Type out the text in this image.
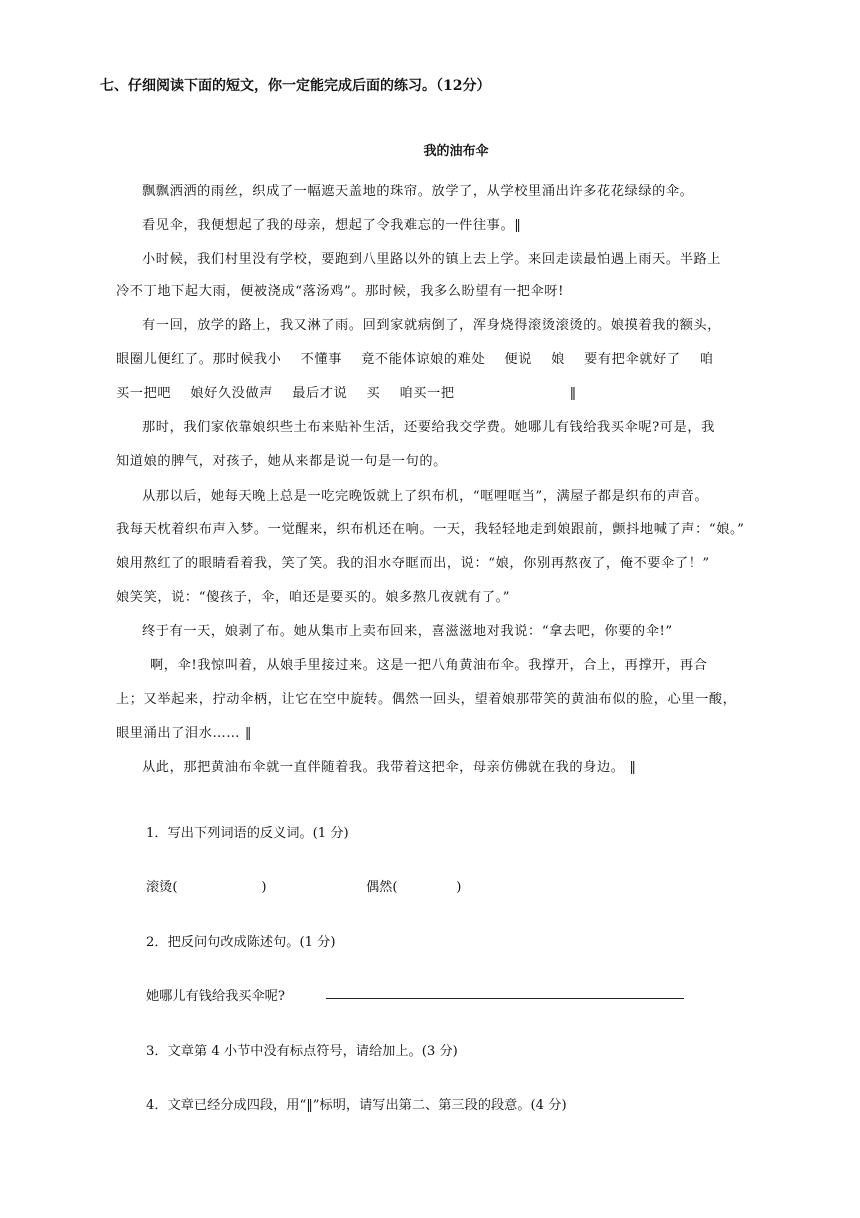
七、仔细阅读下面的短文，你一定能完成后面的练习。（12分）
我的油布伞
飘飘洒洒的雨丝，织成了一幅遮天盖地的珠帘。放学了，从学校里涌出许多花花绿绿的伞。
看见伞，我便想起了我的母亲，想起了令我难忘的一件往事。‖
小时候，我们村里没有学校，要跑到八里路以外的镇上去上学。来回走读最怕遇上雨天。半路上
冷不丁地下起大雨，便被浇成“落汤鸡”。那时候，我多么盼望有一把伞呀!
有一回，放学的路上，我又淋了雨。回到家就病倒了，浑身烧得滚烫滚烫的。娘摸着我的额头，
眼圈儿便红了。那时候我小    不懂事    竟不能体谅娘的难处    便说    娘    要有把伞就好了    咱
买一把吧    娘好久没做声    最后才说    买    咱买一把                        ‖
那时，我们家依靠娘织些土布来贴补生活，还要给我交学费。她哪儿有钱给我买伞呢?可是，我
知道娘的脾气，对孩子，她从来都是说一句是一句的。
从那以后，她每天晚上总是一吃完晚饭就上了织布机，“哐哩哐当”，满屋子都是织布的声音。
我每天枕着织布声入梦。一觉醒来，织布机还在响。一天，我轻轻地走到娘跟前，颤抖地喊了声：“娘。”
娘用熬红了的眼睛看着我，笑了笑。我的泪水夺眶而出，说：“娘，你别再熬夜了，俺不要伞了！”
娘笑笑，说：“傻孩子，伞，咱还是要买的。娘多熬几夜就有了。”
终于有一天，娘剥了布。她从集市上卖布回来，喜滋滋地对我说：“拿去吧，你要的伞!”
啊，伞!我惊叫着，从娘手里接过来。这是一把八角黄油布伞。我撑开，合上，再撑开，再合
上；又举起来，拧动伞柄，让它在空中旋转。偶然一回头，望着娘那带笑的黄油布似的脸，心里一酸，
眼里涌出了泪水…… ‖
从此，那把黄油布伞就一直伴随着我。我带着这把伞，母亲仿佛就在我的身边。 ‖
1．写出下列词语的反义词。(1 分)
滚烫(                    )	偶然(              )
2．把反问句改成陈述句。(1 分)
她哪儿有钱给我买伞呢?
3．文章第 4 小节中没有标点符号，请给加上。(3 分)
4．文章已经分成四段，用“‖”标明，请写出第二、第三段的段意。(4 分)
